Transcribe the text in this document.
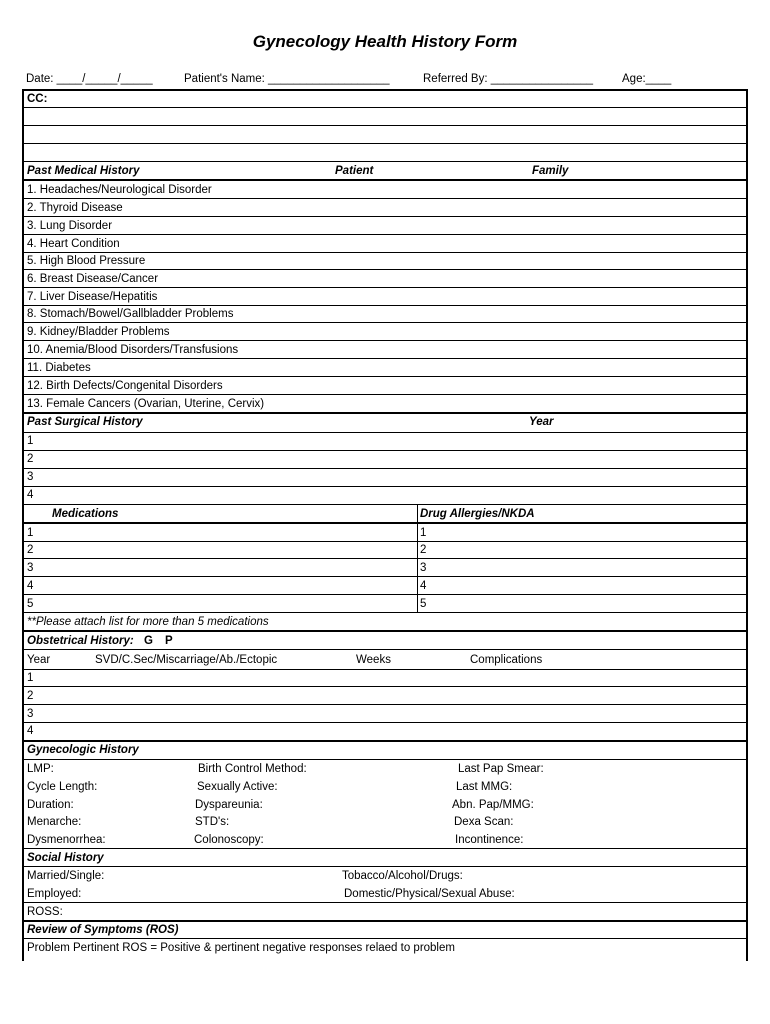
Gynecology Health History Form
Date: ____/_____/_____	Patient's Name: ___________________	Referred By: ________________	Age:____
CC:
Past Medical History	Patient	Family
1. Headaches/Neurological Disorder
2. Thyroid Disease
3. Lung Disorder
4. Heart Condition
5. High Blood Pressure
6. Breast Disease/Cancer
7. Liver Disease/Hepatitis
8. Stomach/Bowel/Gallbladder Problems
9. Kidney/Bladder Problems
10. Anemia/Blood Disorders/Transfusions
11. Diabetes
12. Birth Defects/Congenital Disorders
13. Female Cancers (Ovarian, Uterine, Cervix)
Past Surgical History	Year
1
2
3
4
Medications	Drug Allergies/NKDA
1	1
2	2
3	3
4	4
5	5
**Please attach list for more than 5 medications
Obstetrical History: G P
Year	SVD/C.Sec/Miscarriage/Ab./Ectopic	Weeks	Complications
1
2
3
4
Gynecologic History
LMP:	Birth Control Method:	Last Pap Smear:
Cycle Length:	Sexually Active:	Last MMG:
Duration:	Dyspareunia:	Abn. Pap/MMG:
Menarche:	STD's:	Dexa Scan:
Dysmenorrhea:	Colonoscopy:	Incontinence:
Social History
Married/Single:	Tobacco/Alcohol/Drugs:
Employed:	Domestic/Physical/Sexual Abuse:
ROSS:
Review of Symptoms (ROS)
Problem Pertinent ROS = Positive & pertinent negative responses relaed to problem
